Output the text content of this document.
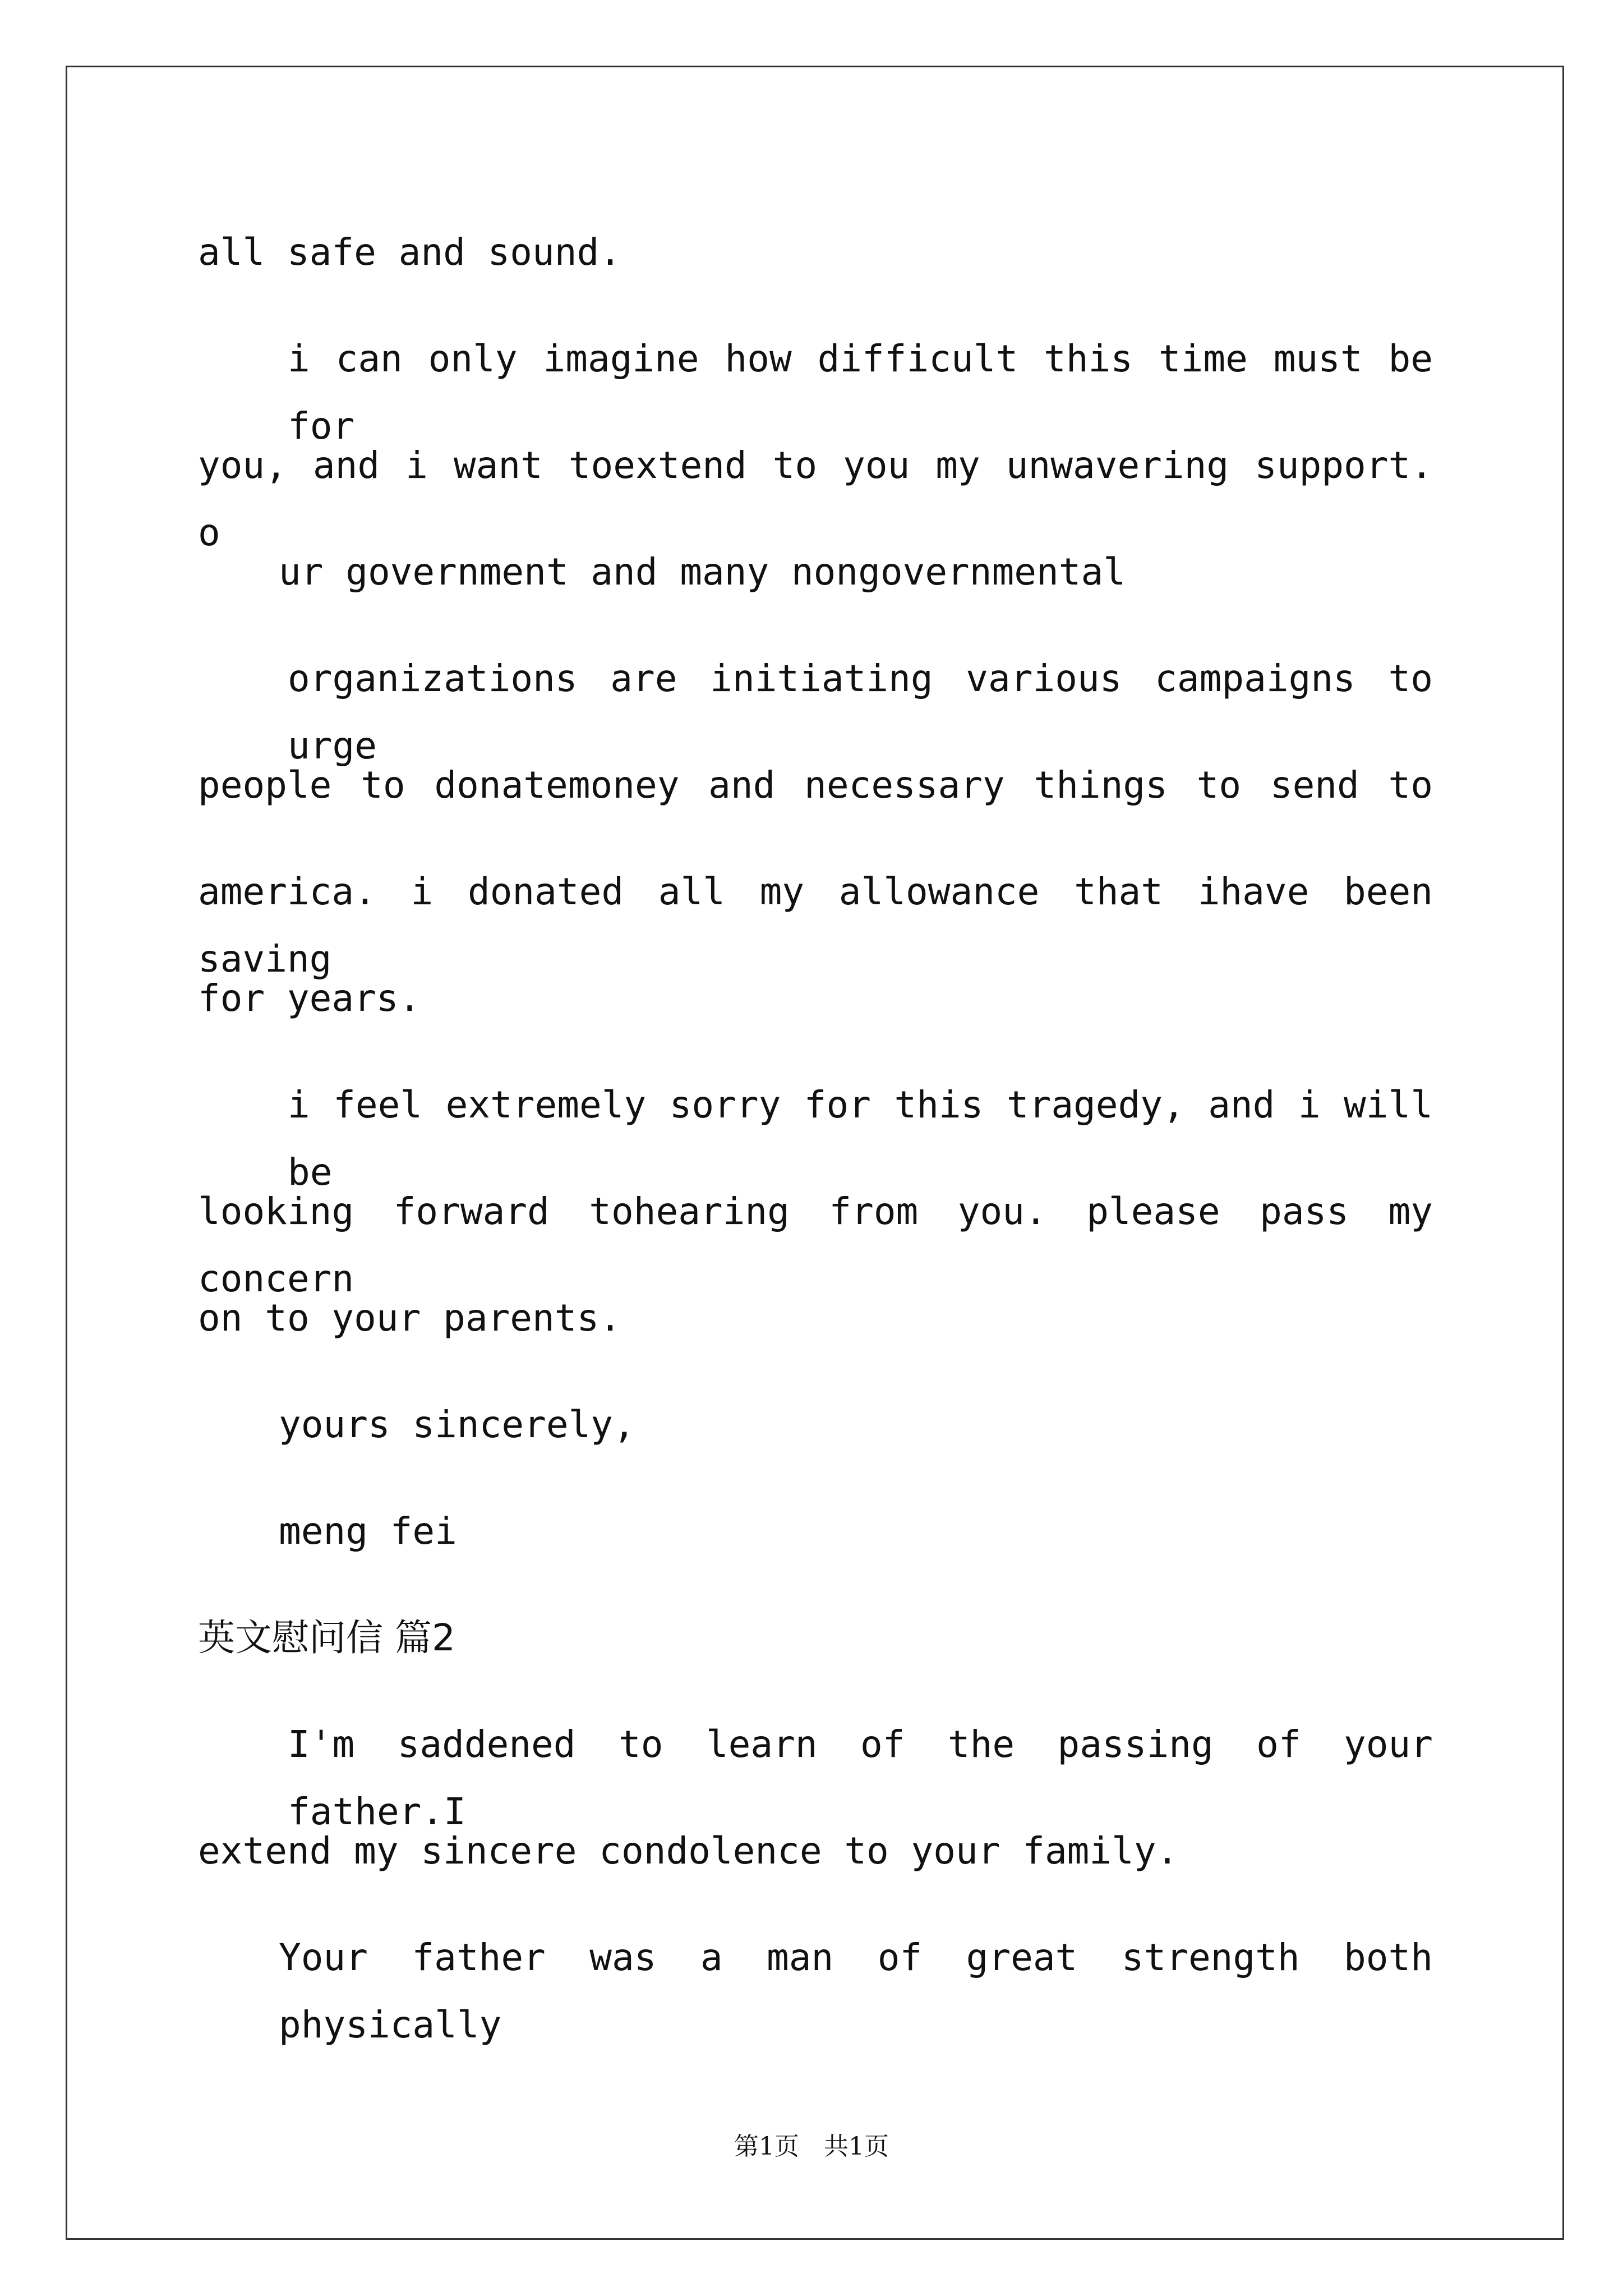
all safe and sound.

i can only imagine how difficult this time must be for

you, and i want toextend to you my unwavering support. o

ur government and many nongovernmental

organizations are initiating various campaigns to urge

people to donatemoney and necessary things to send to

america. i donated all my allowance that ihave been saving

for years.

i feel extremely sorry for this tragedy, and i will be

looking forward tohearing from you. please pass my concern

on to your parents.

yours sincerely,

meng fei

英文慰问信 篇2

I'm saddened to learn of the passing of your father.I

extend my sincere condolence to your family.

Your father was a man of great strength both physically

第1页　共1页
